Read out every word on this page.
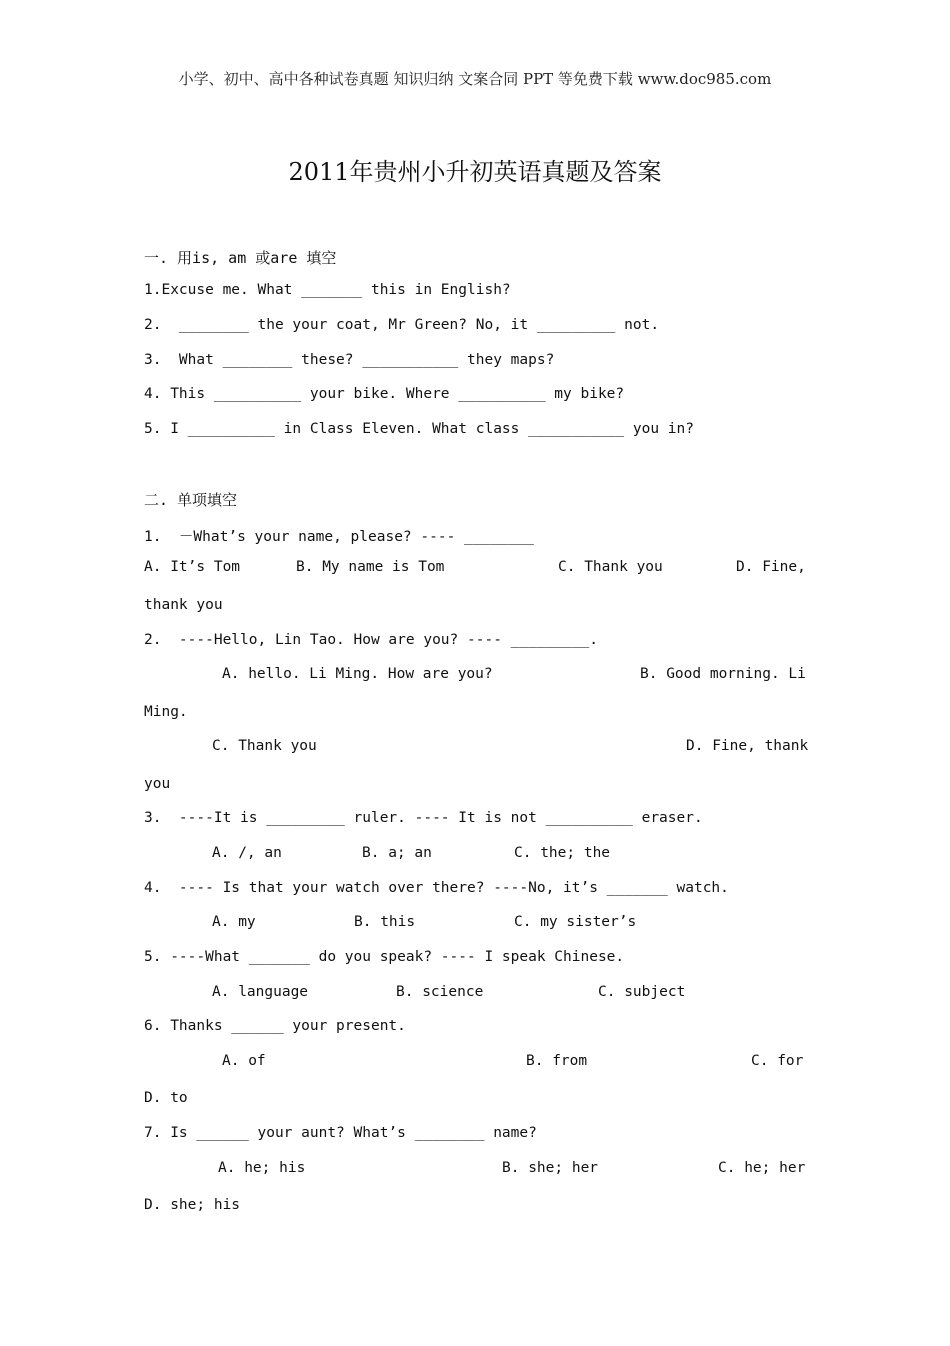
小学、初中、高中各种试卷真题 知识归纳 文案合同 PPT 等免费下载 www.doc985.com
2011年贵州小升初英语真题及答案
一. 用is, am 或are 填空
1.Excuse me. What _______ this in English?
2.  ________ the your coat, Mr Green? No, it _________ not.
3.  What ________ these? ___________ they maps?
4. This __________ your bike. Where __________ my bike?
5. I __________ in Class Eleven. What class ___________ you in?
二. 单项填空
1.  －What’s your name, please? ---- ________
A. It’s Tom	B. My name is Tom	C. Thank you	D. Fine,
thank you
2.  ----Hello, Lin Tao. How are you? ---- _________.
A. hello. Li Ming. How are you?	B. Good morning. Li
Ming.
C. Thank you	D. Fine, thank
you
3.  ----It is _________ ruler. ---- It is not __________ eraser.
A. /, an	B. a; an	C. the; the
4.  ---- Is that your watch over there? ----No, it’s _______ watch.
A. my	B. this	C. my sister’s
5. ----What _______ do you speak? ---- I speak Chinese.
A. language	B. science	C. subject
6. Thanks ______ your present.
A. of	B. from	C. for
D. to
7. Is ______ your aunt? What’s ________ name?
A. he; his	B. she; her	C. he; her
D. she; his
